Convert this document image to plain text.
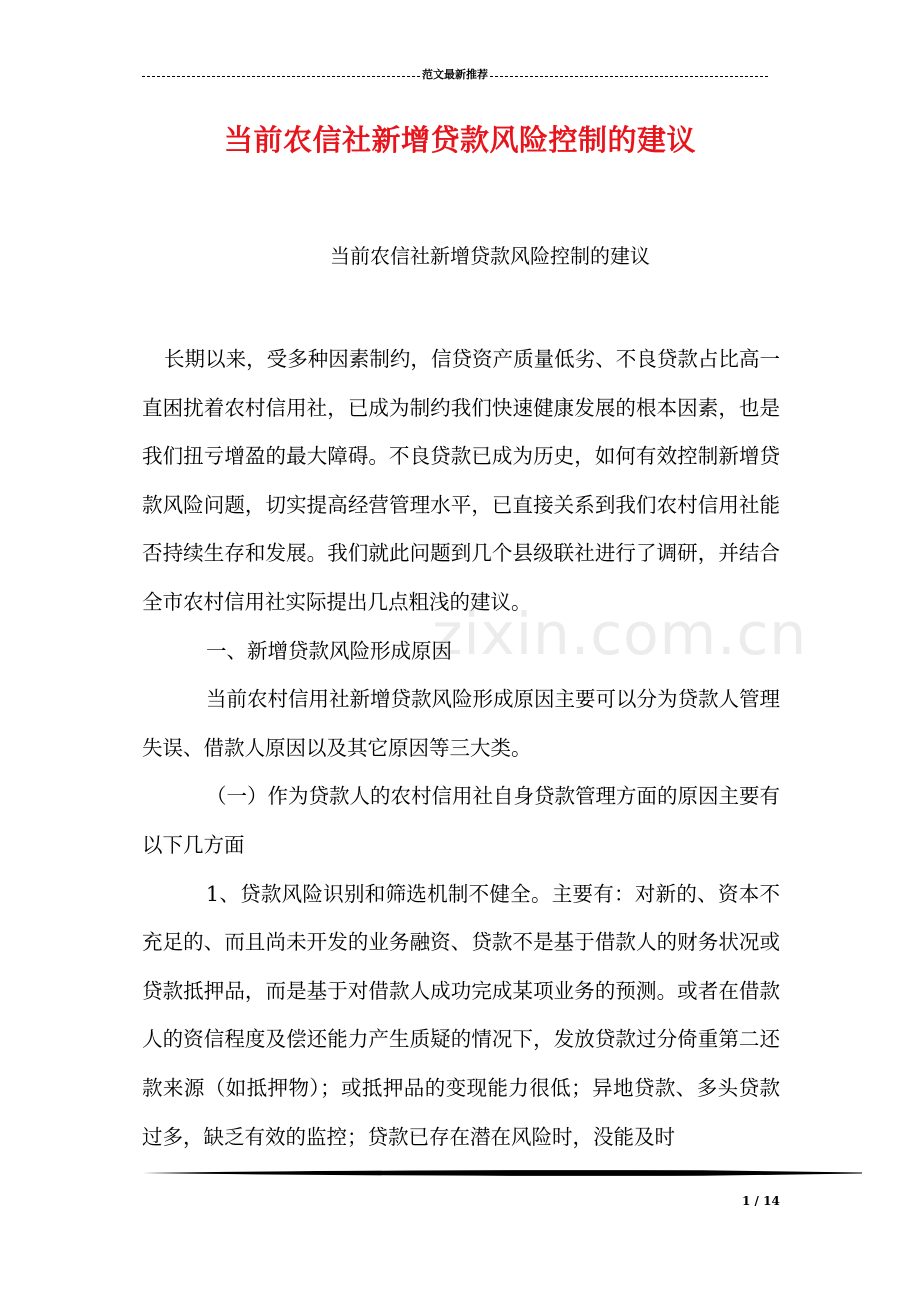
范文最新推荐
当前农信社新增贷款风险控制的建议
当前农信社新增贷款风险控制的建议
zixin.com.cn

长期以来，受多种因素制约，信贷资产质量低劣、不良贷款占比高一直困扰着农村信用社，已成为制约我们快速健康发展的根本因素，也是我们扭亏增盈的最大障碍。不良贷款已成为历史，如何有效控制新增贷款风险问题，切实提高经营管理水平，已直接关系到我们农村信用社能否持续生存和发展。我们就此问题到几个县级联社进行了调研，并结合全市农村信用社实际提出几点粗浅的建议。

一、新增贷款风险形成原因

当前农村信用社新增贷款风险形成原因主要可以分为贷款人管理失误、借款人原因以及其它原因等三大类。

（一）作为贷款人的农村信用社自身贷款管理方面的原因主要有以下几方面

1、贷款风险识别和筛选机制不健全。主要有：对新的、资本不充足的、而且尚未开发的业务融资、贷款不是基于借款人的财务状况或贷款抵押品，而是基于对借款人成功完成某项业务的预测。或者在借款人的资信程度及偿还能力产生质疑的情况下，发放贷款过分倚重第二还款来源（如抵押物）；或抵押品的变现能力很低；异地贷款、多头贷款过多，缺乏有效的监控；贷款已存在潜在风险时，没能及时

1 / 14
